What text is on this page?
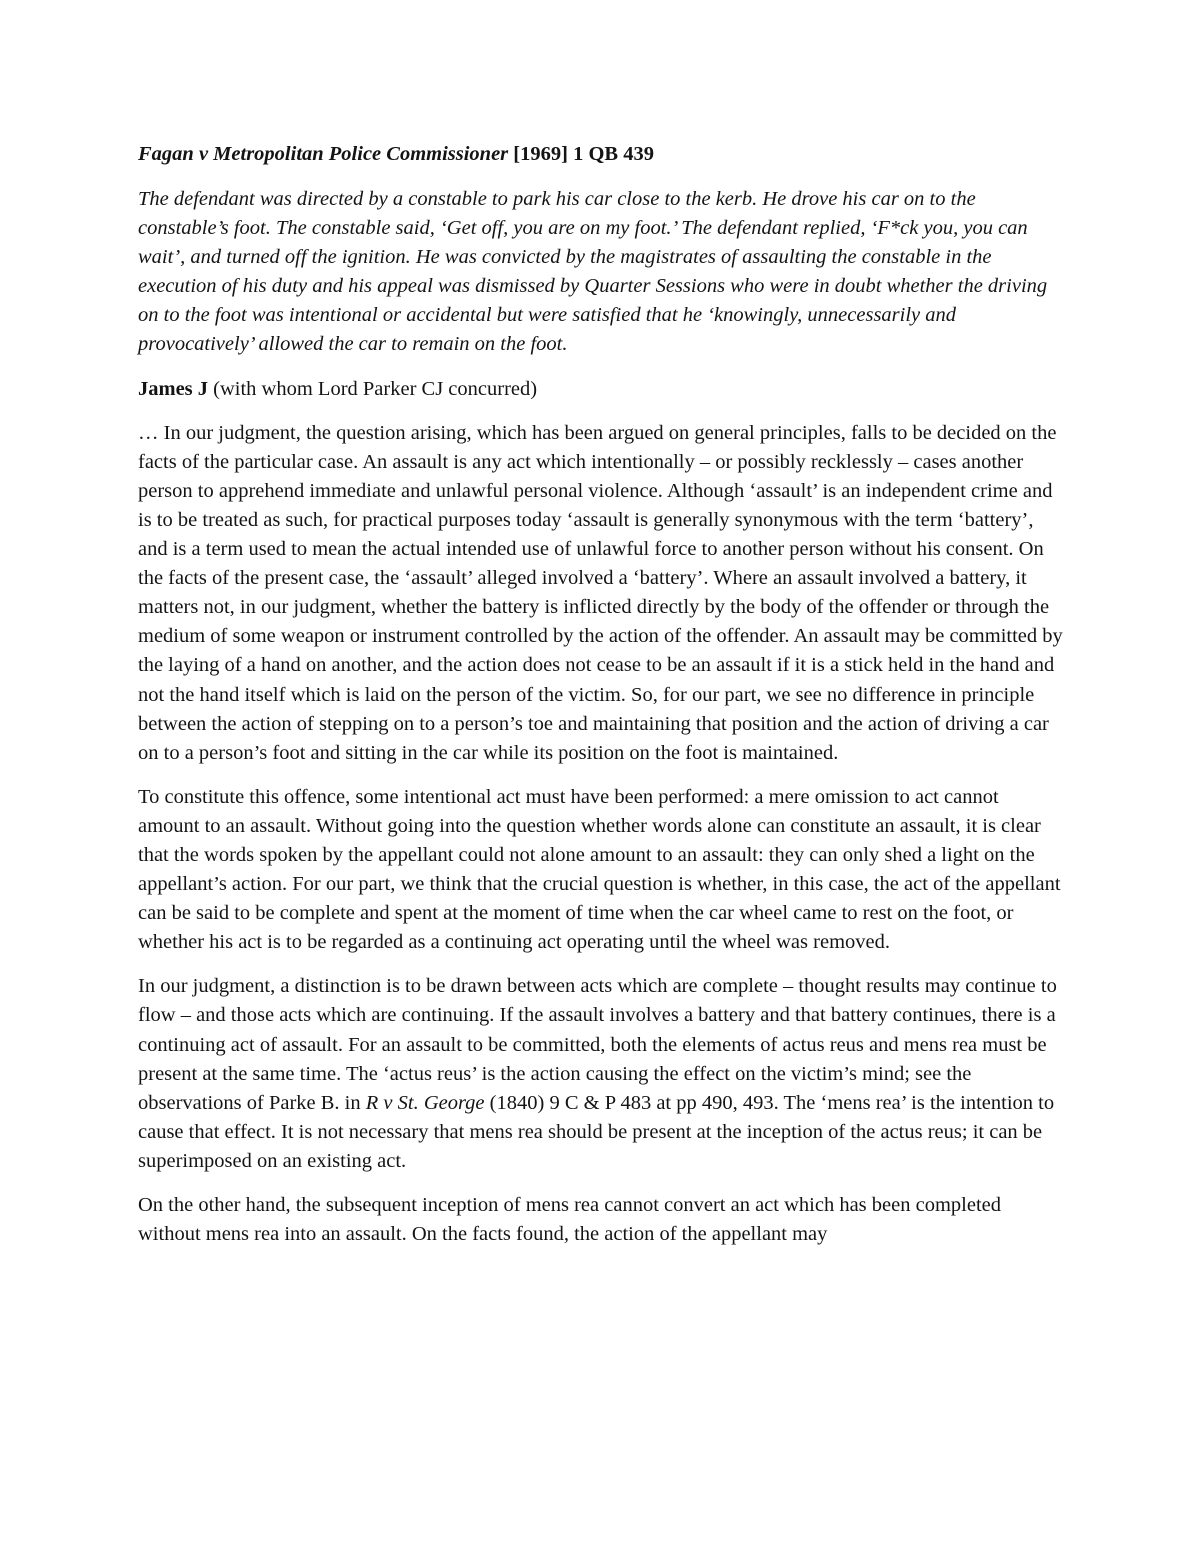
Fagan v Metropolitan Police Commissioner [1969] 1 QB 439
The defendant was directed by a constable to park his car close to the kerb. He drove his car on to the constable’s foot. The constable said, ‘Get off, you are on my foot.’ The defendant replied, ‘F*ck you, you can wait’, and turned off the ignition. He was convicted by the magistrates of assaulting the constable in the execution of his duty and his appeal was dismissed by Quarter Sessions who were in doubt whether the driving on to the foot was intentional or accidental but were satisfied that he ‘knowingly, unnecessarily and provocatively’ allowed the car to remain on the foot.
James J (with whom Lord Parker CJ concurred)

… In our judgment, the question arising, which has been argued on general principles, falls to be decided on the facts of the particular case. An assault is any act which intentionally – or possibly recklessly – cases another person to apprehend immediate and unlawful personal violence. Although ‘assault’ is an independent crime and is to be treated as such, for practical purposes today ‘assault is generally synonymous with the term ‘battery’, and is a term used to mean the actual intended use of unlawful force to another person without his consent. On the facts of the present case, the ‘assault’ alleged involved a ‘battery’. Where an assault involved a battery, it matters not, in our judgment, whether the battery is inflicted directly by the body of the offender or through the medium of some weapon or instrument controlled by the action of the offender. An assault may be committed by the laying of a hand on another, and the action does not cease to be an assault if it is a stick held in the hand and not the hand itself which is laid on the person of the victim. So, for our part, we see no difference in principle between the action of stepping on to a person’s toe and maintaining that position and the action of driving a car on to a person’s foot and sitting in the car while its position on the foot is maintained.

To constitute this offence, some intentional act must have been performed: a mere omission to act cannot amount to an assault. Without going into the question whether words alone can constitute an assault, it is clear that the words spoken by the appellant could not alone amount to an assault: they can only shed a light on the appellant’s action. For our part, we think that the crucial question is whether, in this case, the act of the appellant can be said to be complete and spent at the moment of time when the car wheel came to rest on the foot, or whether his act is to be regarded as a continuing act operating until the wheel was removed.

In our judgment, a distinction is to be drawn between acts which are complete – thought results may continue to flow – and those acts which are continuing. If the assault involves a battery and that battery continues, there is a continuing act of assault. For an assault to be committed, both the elements of actus reus and mens rea must be present at the same time. The ‘actus reus’ is the action causing the effect on the victim’s mind; see the observations of Parke B. in R v St. George (1840) 9 C & P 483 at pp 490, 493. The ‘mens rea’ is the intention to cause that effect. It is not necessary that mens rea should be present at the inception of the actus reus; it can be superimposed on an existing act.

On the other hand, the subsequent inception of mens rea cannot convert an act which has been completed without mens rea into an assault. On the facts found, the action of the appellant may
